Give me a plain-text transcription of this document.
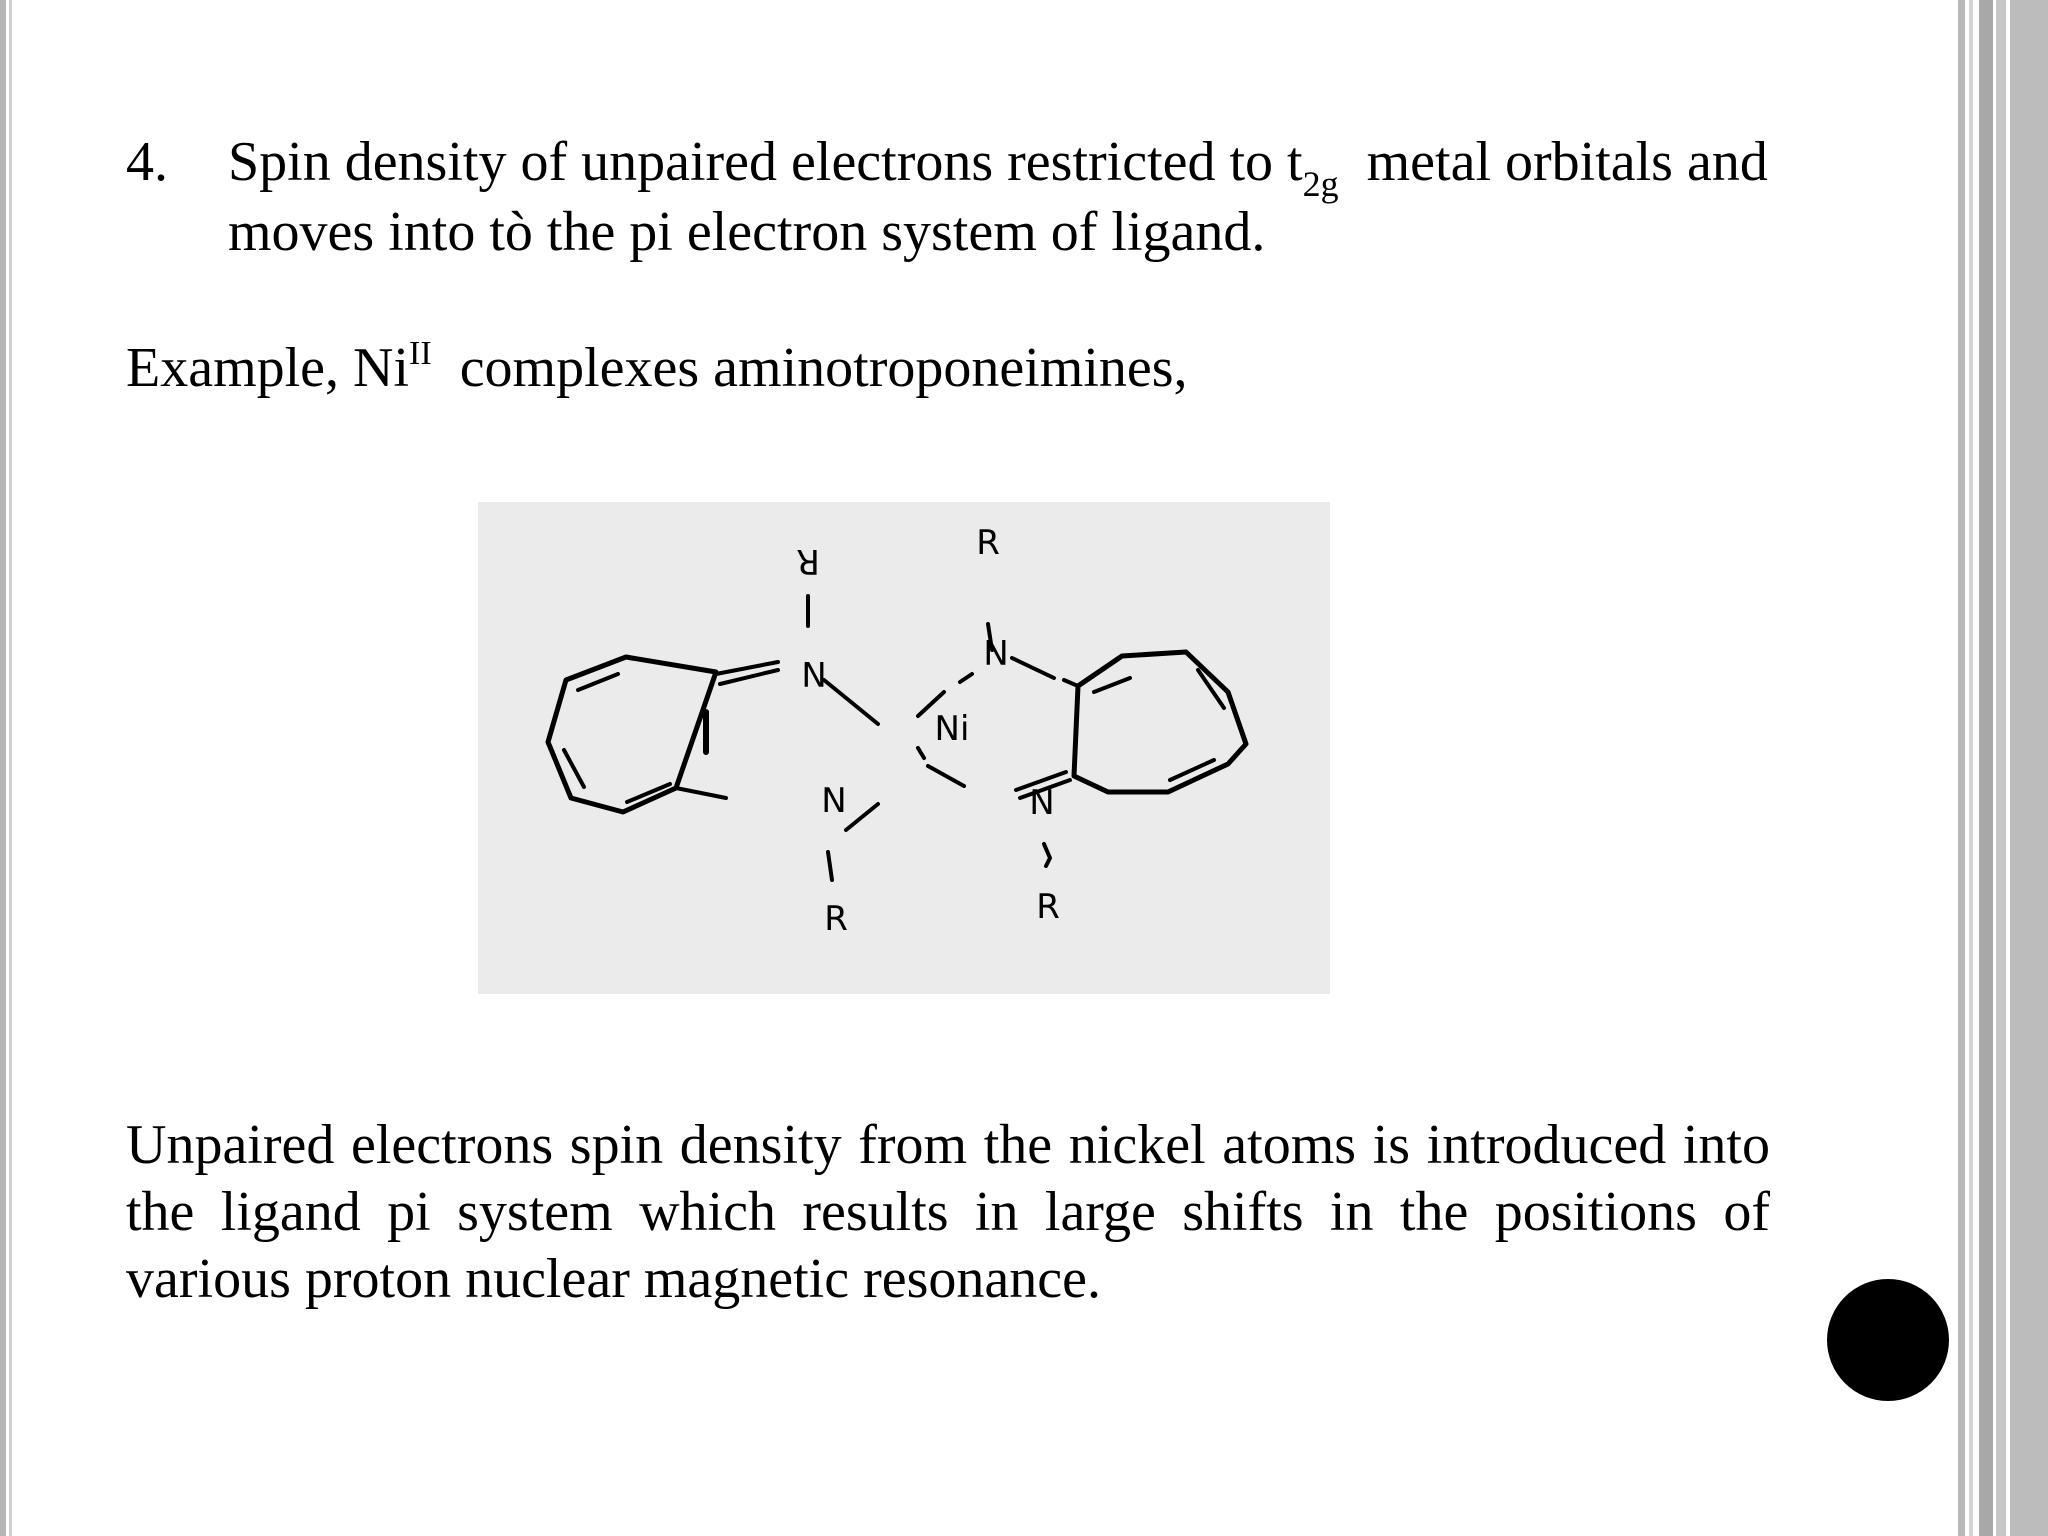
4. Spin density of unpaired electrons restricted to $t_{2g}$ metal orbitals and
moves into tò the pi electron system of ligand.
Example, $Ni^{II}$ complexes aminotroponeimines,
R
N
N
R
Ni
R
N
N
R
Unpaired electrons spin density from the nickel atoms is introduced into
the ligand pi system which results in large shifts in the positions of
various proton nuclear magnetic resonance.
